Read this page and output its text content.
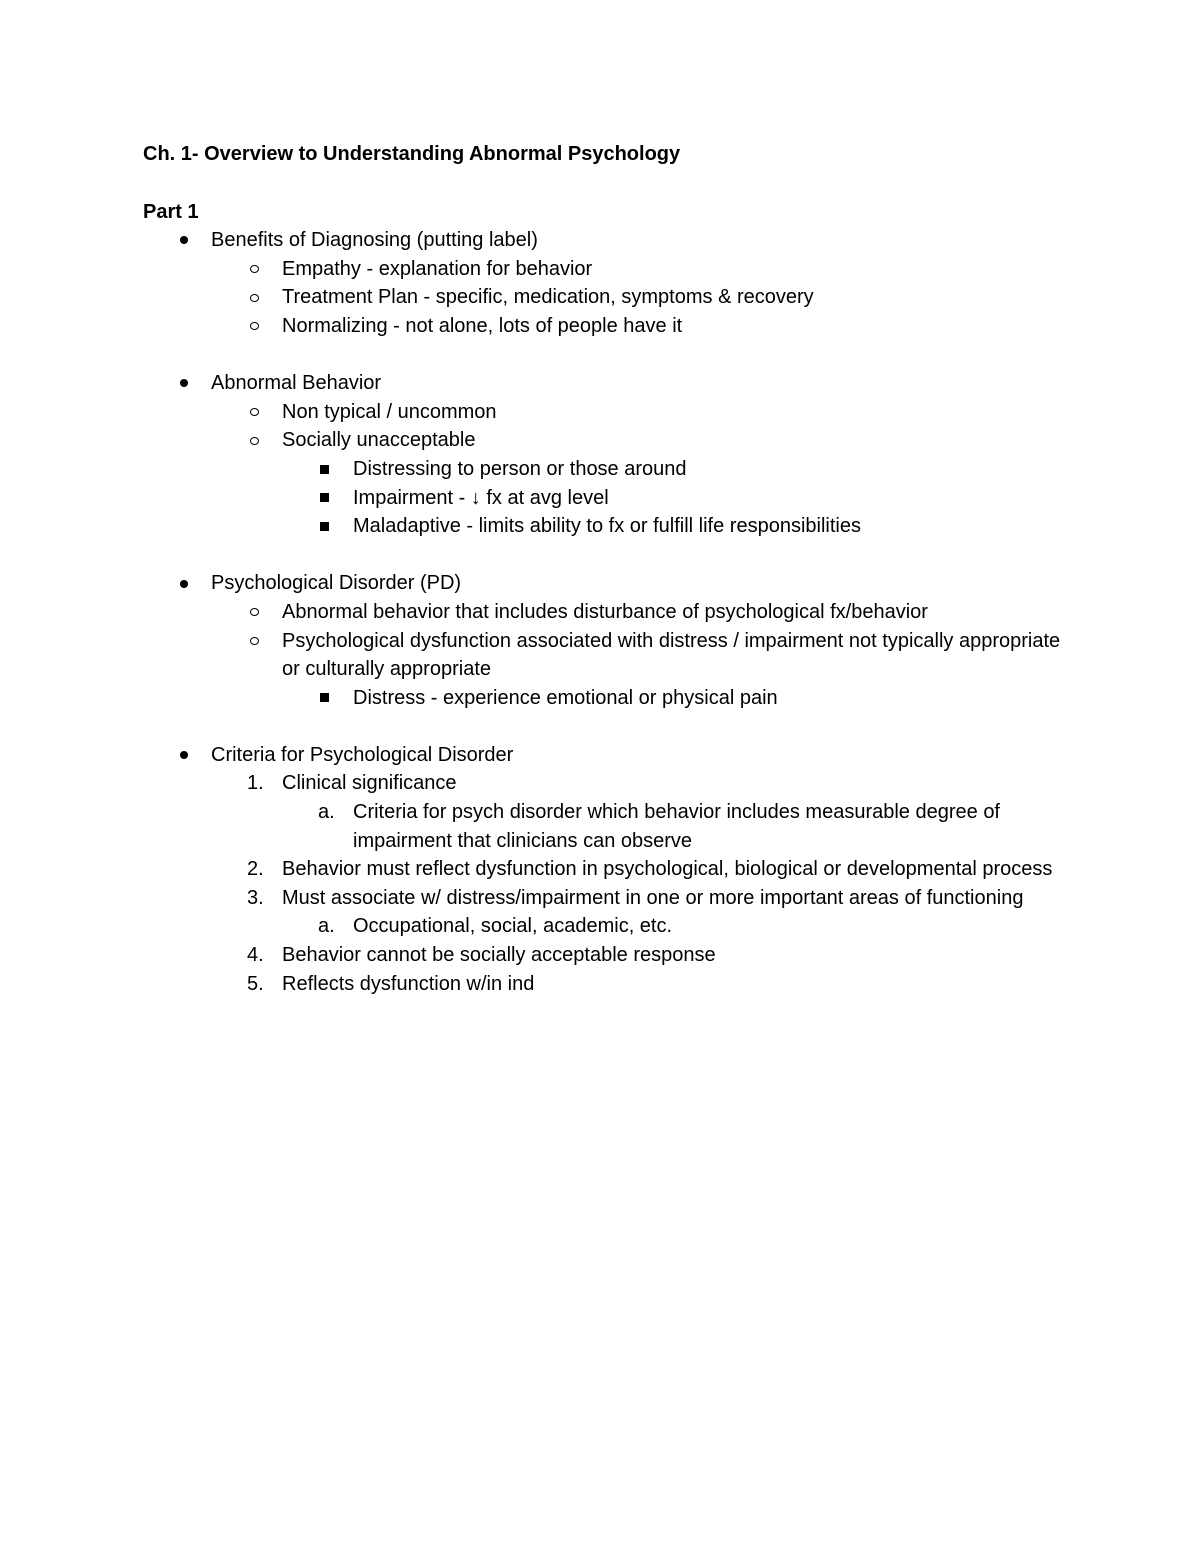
Ch. 1- Overview to Understanding Abnormal Psychology
Part 1
Benefits of Diagnosing (putting label)
Empathy - explanation for behavior
Treatment Plan - specific, medication, symptoms & recovery
Normalizing - not alone, lots of people have it
Abnormal Behavior
Non typical / uncommon
Socially unacceptable
Distressing to person or those around
Impairment - ↓ fx at avg level
Maladaptive - limits ability to fx or fulfill life responsibilities
Psychological Disorder (PD)
Abnormal behavior that includes disturbance of psychological fx/behavior
Psychological dysfunction associated with distress / impairment not typically appropriate or culturally appropriate
Distress - experience emotional or physical pain
Criteria for Psychological Disorder
1. Clinical significance
a. Criteria for psych disorder which behavior includes measurable degree of impairment that clinicians can observe
2. Behavior must reflect dysfunction in psychological, biological or developmental process
3. Must associate w/ distress/impairment in one or more important areas of functioning
a. Occupational, social, academic, etc.
4. Behavior cannot be socially acceptable response
5. Reflects dysfunction w/in ind
